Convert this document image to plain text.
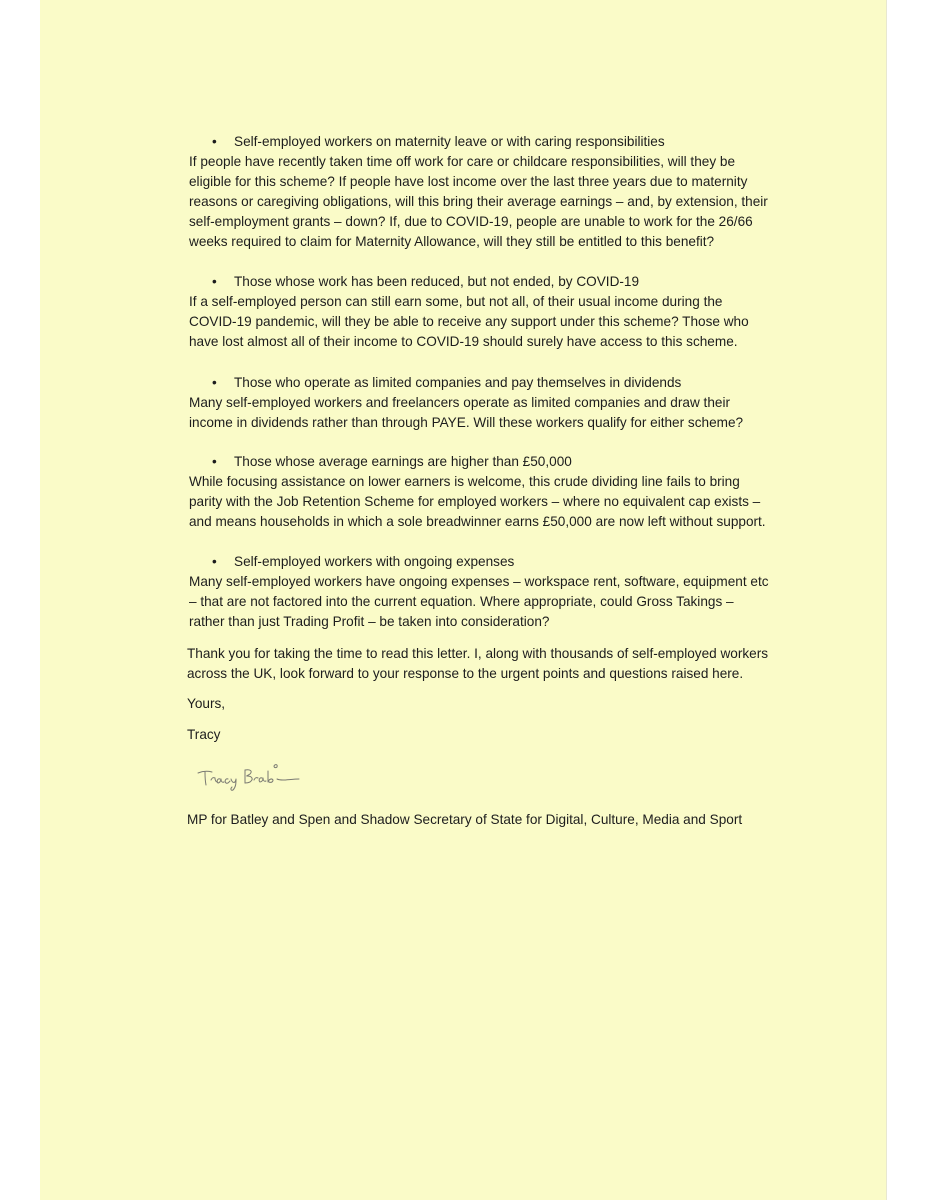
•	Self-employed workers on maternity leave or with caring responsibilities

If people have recently taken time off work for care or childcare responsibilities, will they be
eligible for this scheme? If people have lost income over the last three years due to maternity
reasons or caregiving obligations, will this bring their average earnings – and, by extension, their
self-employment grants – down? If, due to COVID-19, people are unable to work for the 26/66
weeks required to claim for Maternity Allowance, will they still be entitled to this benefit?

•	Those whose work has been reduced, but not ended, by COVID-19

If a self-employed person can still earn some, but not all, of their usual income during the
COVID-19 pandemic, will they be able to receive any support under this scheme? Those who
have lost almost all of their income to COVID-19 should surely have access to this scheme.

•	Those who operate as limited companies and pay themselves in dividends

Many self-employed workers and freelancers operate as limited companies and draw their
income in dividends rather than through PAYE. Will these workers qualify for either scheme?

•	Those whose average earnings are higher than £50,000

While focusing assistance on lower earners is welcome, this crude dividing line fails to bring
parity with the Job Retention Scheme for employed workers – where no equivalent cap exists –
and means households in which a sole breadwinner earns £50,000 are now left without support.

•	Self-employed workers with ongoing expenses

Many self-employed workers have ongoing expenses – workspace rent, software, equipment etc
– that are not factored into the current equation. Where appropriate, could Gross Takings –
rather than just Trading Profit – be taken into consideration?

Thank you for taking the time to read this letter. I, along with thousands of self-employed workers
across the UK, look forward to your response to the urgent points and questions raised here.
Yours,
Tracy
MP for Batley and Spen and Shadow Secretary of State for Digital, Culture, Media and Sport
